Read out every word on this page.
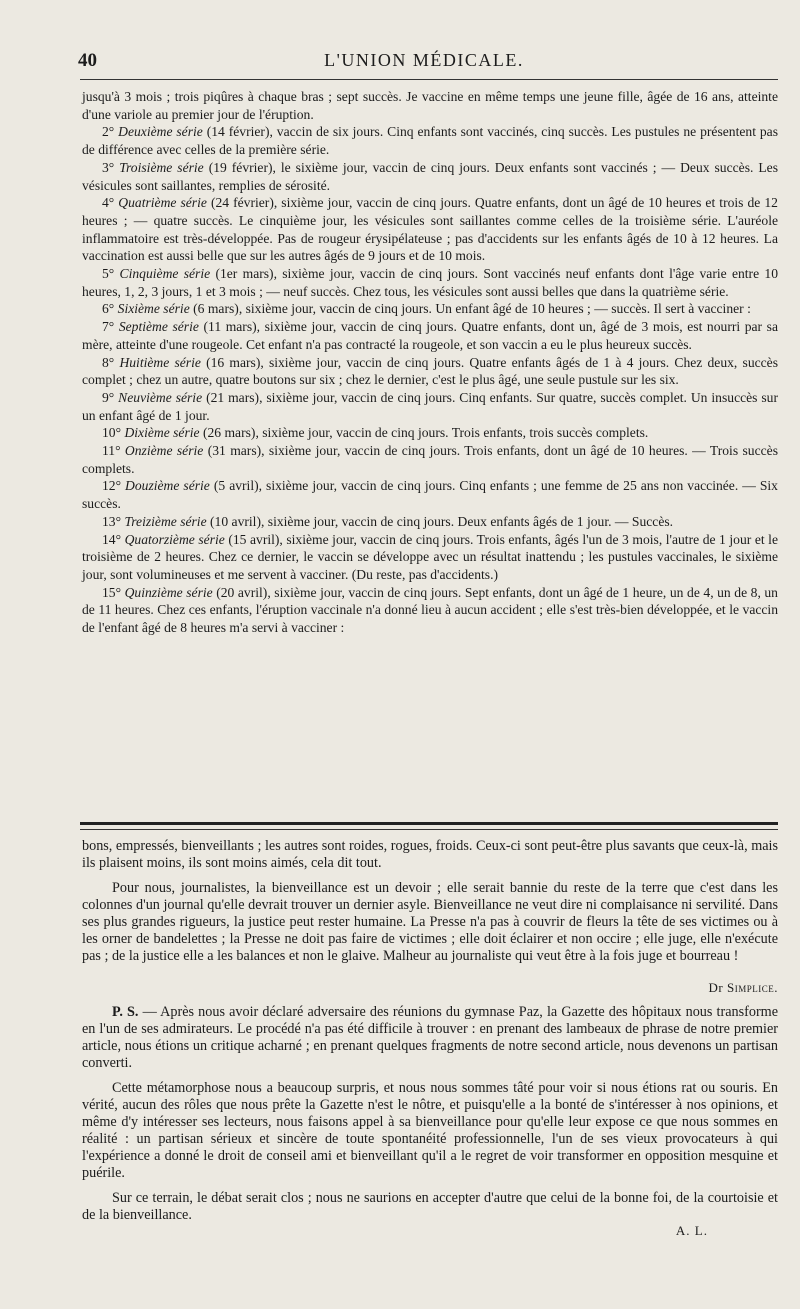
40	L'UNION MÉDICALE.

jusqu'à 3 mois ; trois piqûres à chaque bras ; sept succès. Je vaccine en même temps une jeune fille, âgée de 16 ans, atteinte d'une variole au premier jour de l'éruption.

2° Deuxième série (14 février), vaccin de six jours. Cinq enfants sont vaccinés, cinq succès. Les pustules ne présentent pas de différence avec celles de la première série.

3° Troisième série (19 février), le sixième jour, vaccin de cinq jours. Deux enfants sont vaccinés ; — Deux succès. Les vésicules sont saillantes, remplies de sérosité.

4° Quatrième série (24 février), sixième jour, vaccin de cinq jours. Quatre enfants, dont un âgé de 10 heures et trois de 12 heures ; — quatre succès. Le cinquième jour, les vésicules sont saillantes comme celles de la troisième série. L'auréole inflammatoire est très-développée. Pas de rougeur érysipélateuse ; pas d'accidents sur les enfants âgés de 10 à 12 heures. La vaccination est aussi belle que sur les autres âgés de 9 jours et de 10 mois.

5° Cinquième série (1er mars), sixième jour, vaccin de cinq jours. Sont vaccinés neuf enfants dont l'âge varie entre 10 heures, 1, 2, 3 jours, 1 et 3 mois ; — neuf succès. Chez tous, les vésicules sont aussi belles que dans la quatrième série.

6° Sixième série (6 mars), sixième jour, vaccin de cinq jours. Un enfant âgé de 10 heures ; — succès. Il sert à vacciner :

7° Septième série (11 mars), sixième jour, vaccin de cinq jours. Quatre enfants, dont un, âgé de 3 mois, est nourri par sa mère, atteinte d'une rougeole. Cet enfant n'a pas contracté la rougeole, et son vaccin a eu le plus heureux succès.

8° Huitième série (16 mars), sixième jour, vaccin de cinq jours. Quatre enfants âgés de 1 à 4 jours. Chez deux, succès complet ; chez un autre, quatre boutons sur six ; chez le dernier, c'est le plus âgé, une seule pustule sur les six.

9° Neuvième série (21 mars), sixième jour, vaccin de cinq jours. Cinq enfants. Sur quatre, succès complet. Un insuccès sur un enfant âgé de 1 jour.

10° Dixième série (26 mars), sixième jour, vaccin de cinq jours. Trois enfants, trois succès complets.

11° Onzième série (31 mars), sixième jour, vaccin de cinq jours. Trois enfants, dont un âgé de 10 heures. — Trois succès complets.

12° Douzième série (5 avril), sixième jour, vaccin de cinq jours. Cinq enfants ; une femme de 25 ans non vaccinée. — Six succès.

13° Treizième série (10 avril), sixième jour, vaccin de cinq jours. Deux enfants âgés de 1 jour. — Succès.

14° Quatorzième série (15 avril), sixième jour, vaccin de cinq jours. Trois enfants, âgés l'un de 3 mois, l'autre de 1 jour et le troisième de 2 heures. Chez ce dernier, le vaccin se développe avec un résultat inattendu ; les pustules vaccinales, le sixième jour, sont volumineuses et me servent à vacciner. (Du reste, pas d'accidents.)

15° Quinzième série (20 avril), sixième jour, vaccin de cinq jours. Sept enfants, dont un âgé de 1 heure, un de 4, un de 8, un de 11 heures. Chez ces enfants, l'éruption vaccinale n'a donné lieu à aucun accident ; elle s'est très-bien développée, et le vaccin de l'enfant âgé de 8 heures m'a servi à vacciner :

bons, empressés, bienveillants ; les autres sont roides, rogues, froids. Ceux-ci sont peut-être plus savants que ceux-là, mais ils plaisent moins, ils sont moins aimés, cela dit tout.

Pour nous, journalistes, la bienveillance est un devoir ; elle serait bannie du reste de la terre que c'est dans les colonnes d'un journal qu'elle devrait trouver un dernier asyle. Bienveillance ne veut dire ni complaisance ni servilité. Dans ses plus grandes rigueurs, la justice peut rester humaine. La Presse n'a pas à couvrir de fleurs la tête de ses victimes ou à les orner de bandelettes ; la Presse ne doit pas faire de victimes ; elle doit éclairer et non occire ; elle juge, elle n'exécute pas ; de la justice elle a les balances et non le glaive. Malheur au journaliste qui veut être à la fois juge et bourreau !

Dr Simplice.

P. S. — Après nous avoir déclaré adversaire des réunions du gymnase Paz, la Gazette des hôpitaux nous transforme en l'un de ses admirateurs. Le procédé n'a pas été difficile à trouver : en prenant des lambeaux de phrase de notre premier article, nous étions un critique acharné ; en prenant quelques fragments de notre second article, nous devenons un partisan converti.

Cette métamorphose nous a beaucoup surpris, et nous nous sommes tâté pour voir si nous étions rat ou souris. En vérité, aucun des rôles que nous prête la Gazette n'est le nôtre, et puisqu'elle a la bonté de s'intéresser à nos opinions, et même d'y intéresser ses lecteurs, nous faisons appel à sa bienveillance pour qu'elle leur expose ce que nous sommes en réalité : un partisan sérieux et sincère de toute spontanéité professionnelle, l'un de ses vieux provocateurs à qui l'expérience a donné le droit de conseil ami et bienveillant qu'il a le regret de voir transformer en opposition mesquine et puérile.

Sur ce terrain, le débat serait clos ; nous ne saurions en accepter d'autre que celui de la bonne foi, de la courtoisie et de la bienveillance.

A. L.
